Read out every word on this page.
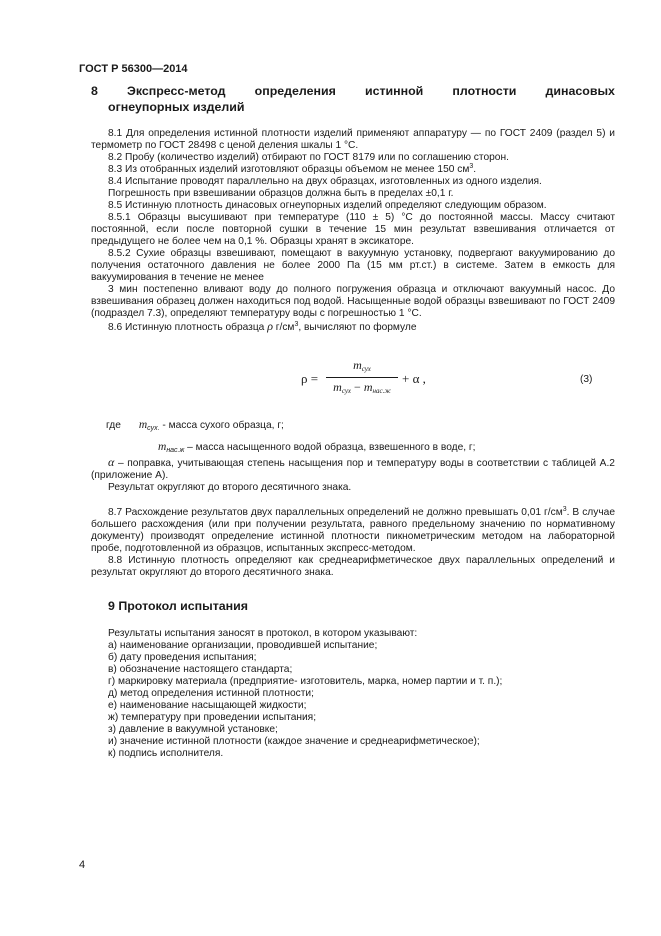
ГОСТ Р 56300—2014
8 Экспресс-метод определения истинной плотности динасовых
огнеупорных изделий

8.1 Для определения истинной плотности изделий применяют аппаратуру — по ГОСТ 2409 (раздел 5) и термометр по ГОСТ 28498 с ценой деления шкалы 1 °С.

8.2 Пробу (количество изделий) отбирают по ГОСТ 8179 или по соглашению сторон.

8.3 Из отобранных изделий изготовляют образцы объемом не менее 150 $см^3$.

8.4 Испытание проводят параллельно на двух образцах, изготовленных из одного изделия.

Погрешность при взвешивании образцов должна быть в пределах ±0,1 г.

8.5 Истинную плотность динасовых огнеупорных изделий определяют следующим образом.

8.5.1 Образцы высушивают при температуре (110 ± 5) °С до постоянной массы. Массу считают постоянной, если после повторной сушки в течение 15 мин результат взвешивания отличается от предыдущего не более чем на 0,1 %. Образцы хранят в эксикаторе.

8.5.2 Сухие образцы взвешивают, помещают в вакуумную установку, подвергают вакуумированию до получения остаточного давления не более 2000 Па (15 мм рт.ст.) в системе. Затем в емкость для вакуумирования в течение не менее

3 мин постепенно вливают воду до полного погружения образца и отключают вакуумный насос. До взвешивания образец должен находиться под водой. Насыщенные водой образцы взвешивают по ГОСТ 2409 (подраздел 7.3), определяют температуру воды с погрешностью 1 °С.

8.6 Истинную плотность образца ρ $г/см^3$, вычисляют по формуле

ρ =
$m_{сух}$
$m_{сух} - m_{нас.ж}$
+ α ,	(3)
где $m_{сух.}$ - масса сухого образца, г;
$m_{нас.ж}$ – масса насыщенного водой образца, взвешенного в воде, г;

α – поправка, учитывающая степень насыщения пор и температуру воды в соответствии с таблицей А.2 (приложение А).

Результат округляют до второго десятичного знака.

8.7 Расхождение результатов двух параллельных определений не должно превышать 0,01 $г/см^3$. В случае большего расхождения (или при получении результата, равного предельному значению по нормативному документу) производят определение истинной плотности пикнометрическим методом на лабораторной пробе, подготовленной из образцов, испытанных экспресс-методом.

8.8 Истинную плотность определяют как среднеарифметическое двух параллельных определений и результат округляют до второго десятичного знака.

9 Протокол испытания
Результаты испытания заносят в протокол, в котором указывают:
а) наименование организации, проводившей испытание;
б) дату проведения испытания;
в) обозначение настоящего стандарта;
г) маркировку материала (предприятие- изготовитель, марка, номер партии и т. п.);
д) метод определения истинной плотности;
е) наименование насыщающей жидкости;
ж) температуру при проведении испытания;
з) давление в вакуумной установке;
и) значение истинной плотности (каждое значение и среднеарифметическое);
к) подпись исполнителя.
4
